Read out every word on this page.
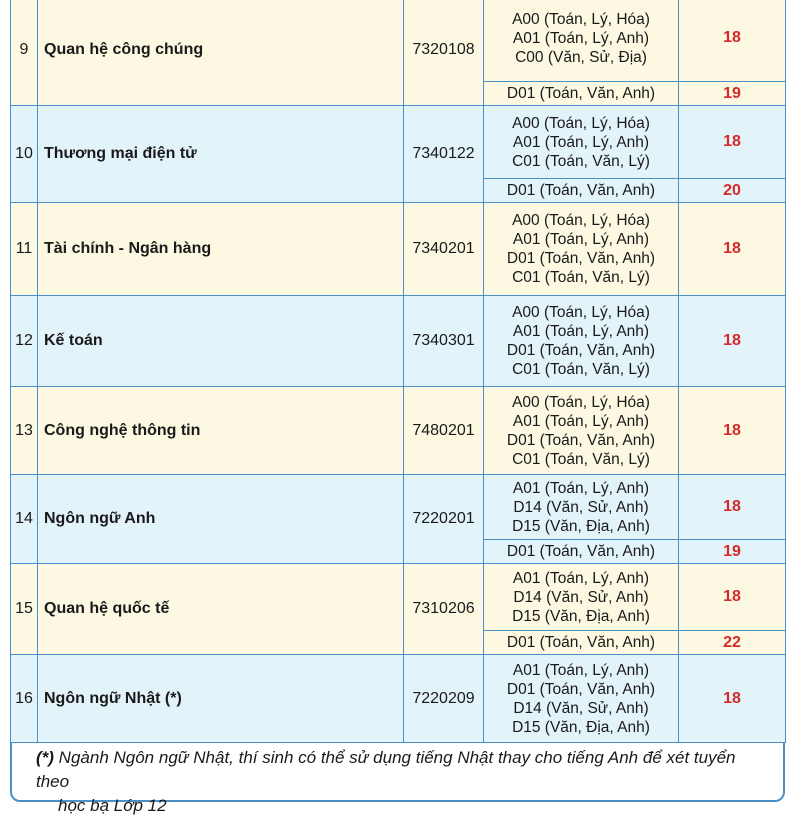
9	Quan hệ công chúng	7320108	A00 (Toán, Lý, Hóa)
A01 (Toán, Lý, Anh)
C00 (Văn, Sử, Địa)	18

			D01 (Toán, Văn, Anh)	19
10	Thương mại điện tử	7340122	A00 (Toán, Lý, Hóa)
A01 (Toán, Lý, Anh)
C01 (Toán, Văn, Lý)	18

			D01 (Toán, Văn, Anh)	20
11	Tài chính - Ngân hàng	7340201	A00 (Toán, Lý, Hóa)
A01 (Toán, Lý, Anh)
D01 (Toán, Văn, Anh)
C01 (Toán, Văn, Lý)	18
12	Kế toán	7340301	A00 (Toán, Lý, Hóa)
A01 (Toán, Lý, Anh)
D01 (Toán, Văn, Anh)
C01 (Toán, Văn, Lý)	18
13	Công nghệ thông tin	7480201	A00 (Toán, Lý, Hóa)
A01 (Toán, Lý, Anh)
D01 (Toán, Văn, Anh)
C01 (Toán, Văn, Lý)	18
14	Ngôn ngữ Anh	7220201	A01 (Toán, Lý, Anh)
D14 (Văn, Sử, Anh)
D15 (Văn, Địa, Anh)	18

			D01 (Toán, Văn, Anh)	19
15	Quan hệ quốc tế	7310206	A01 (Toán, Lý, Anh)
D14 (Văn, Sử, Anh)
D15 (Văn, Địa, Anh)	18

			D01 (Toán, Văn, Anh)	22
16	Ngôn ngữ Nhật (*)	7220209	A01 (Toán, Lý, Anh)
D01 (Toán, Văn, Anh)
D14 (Văn, Sử, Anh)
D15 (Văn, Địa, Anh)	18
(*) Ngành Ngôn ngữ Nhật, thí sinh có thể sử dụng tiếng Nhật thay cho tiếng Anh để xét tuyển theo
học bạ Lớp 12
